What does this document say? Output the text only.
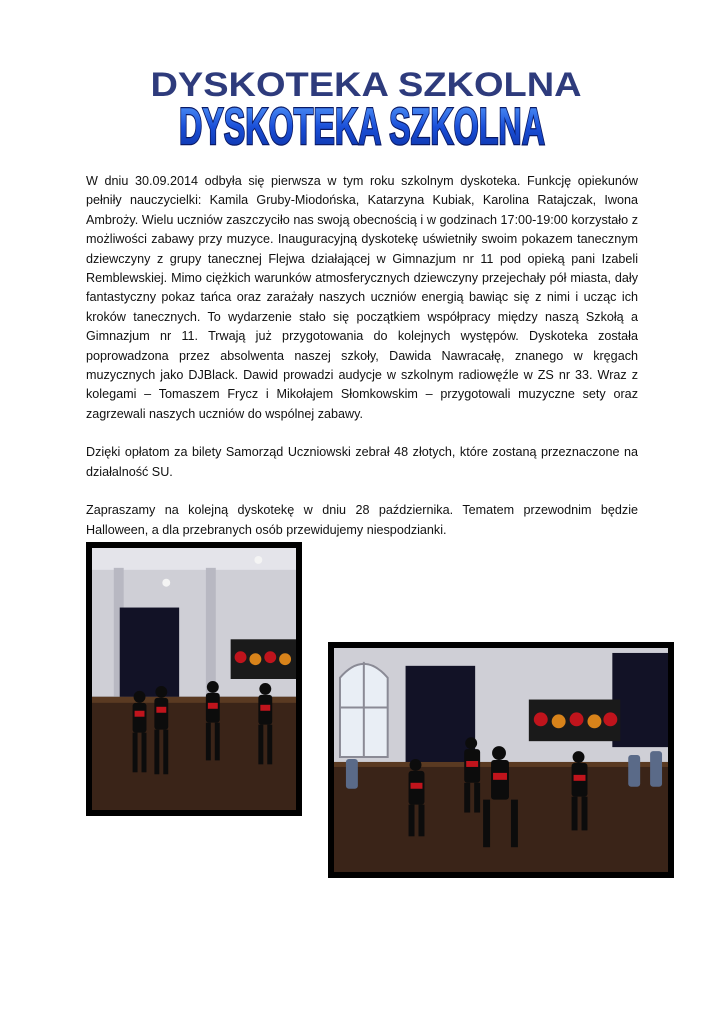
DYSKOTEKA SZKOLNA
DYSKOTEKA SZKOLNA

W dniu 30.09.2014 odbyła się pierwsza w tym roku szkolnym dyskoteka. Funkcję opiekunów pełniły nauczycielki: Kamila Gruby-Miodońska, Katarzyna Kubiak, Karolina Ratajczak, Iwona Ambroży. Wielu uczniów zaszczyciło nas swoją obecnością i w godzinach 17:00-19:00 korzystało z możliwości zabawy przy muzyce. Inauguracyjną dyskotekę uświetniły swoim pokazem tanecznym dziewczyny z grupy tanecznej Flejwa działającej w Gimnazjum nr 11 pod opieką pani Izabeli Remblewskiej. Mimo ciężkich warunków atmosferycznych dziewczyny przejechały pół miasta, dały fantastyczny pokaz tańca oraz zarażały naszych uczniów energią bawiąc się z nimi i ucząc ich kroków tanecznych. To wydarzenie stało się początkiem współpracy między naszą Szkołą a Gimnazjum nr 11. Trwają już przygotowania do kolejnych występów. Dyskoteka została poprowadzona przez absolwenta naszej szkoły, Dawida Nawracałę, znanego w kręgach muzycznych jako DJBlack. Dawid prowadzi audycje w szkolnym radiowęźle w ZS nr 33. Wraz z kolegami – Tomaszem Frycz i Mikołajem Słomkowskim – przygotowali muzyczne sety oraz zagrzewali naszych uczniów do wspólnej zabawy.

Dzięki opłatom za bilety Samorząd Uczniowski zebrał 48 złotych, które zostaną przeznaczone na działalność SU.

Zapraszamy na kolejną dyskotekę w dniu 28 października. Tematem przewodnim będzie Halloween, a dla przebranych osób przewidujemy niespodzianki.
